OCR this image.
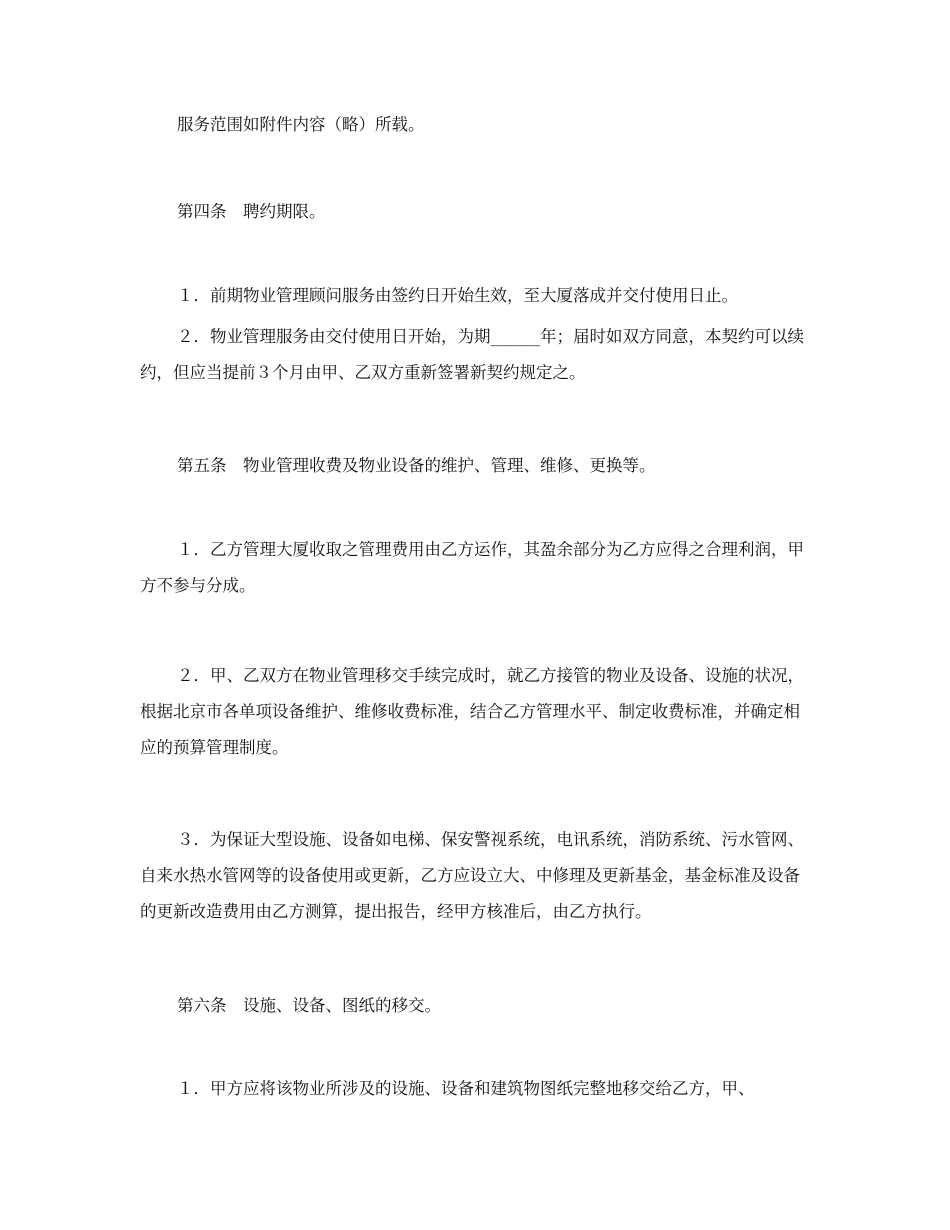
服务范围如附件内容（略）所载。

第四条　聘约期限。

１．前期物业管理顾问服务由签约日开始生效，至大厦落成并交付使用日止。

２．物业管理服务由交付使用日开始，为期______年；届时如双方同意，本契约可以续约，但应当提前３个月由甲、乙双方重新签署新契约规定之。

第五条　物业管理收费及物业设备的维护、管理、维修、更换等。

１．乙方管理大厦收取之管理费用由乙方运作，其盈余部分为乙方应得之合理利润，甲方不参与分成。

２．甲、乙双方在物业管理移交手续完成时，就乙方接管的物业及设备、设施的状况，根据北京市各单项设备维护、维修收费标准，结合乙方管理水平、制定收费标准，并确定相应的预算管理制度。

３．为保证大型设施、设备如电梯、保安警视系统，电讯系统，消防系统、污水管网、自来水热水管网等的设备使用或更新，乙方应设立大、中修理及更新基金，基金标准及设备的更新改造费用由乙方测算，提出报告，经甲方核准后，由乙方执行。

第六条　设施、设备、图纸的移交。

１．甲方应将该物业所涉及的设施、设备和建筑物图纸完整地移交给乙方，甲、
